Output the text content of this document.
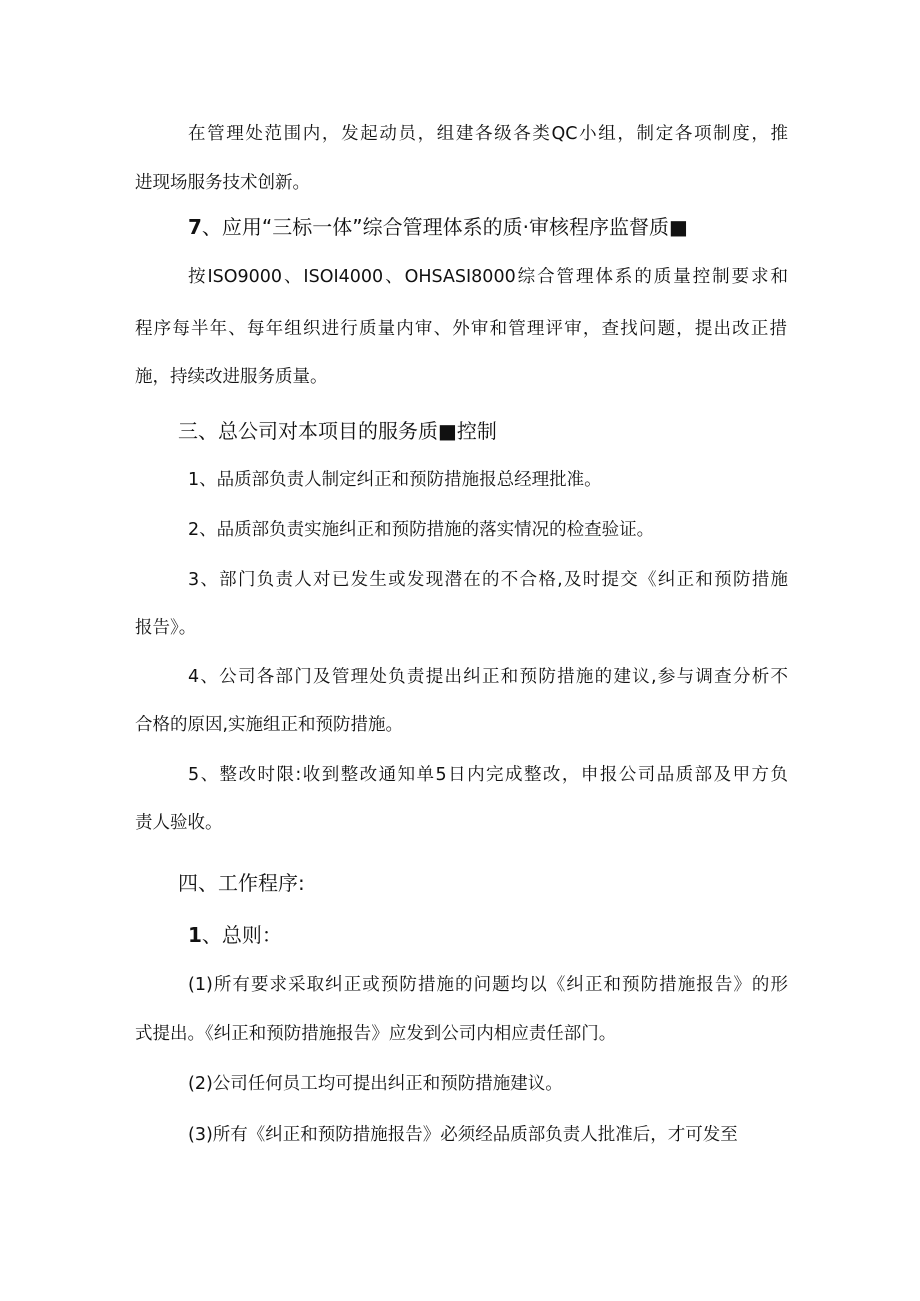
在管理处范围内，发起动员，组建各级各类QC小组，制定各项制度，推
进现场服务技术创新。
7、应用“三标一体”综合管理体系的质·审核程序监督质■
按ISO9000、ISOI4000、OHSASI8000综合管理体系的质量控制要求和
程序每半年、每年组织进行质量内审、外审和管理评审，查找问题，提出改正措
施，持续改进服务质量。
三、总公司对本项目的服务质■控制
1、品质部负责人制定纠正和预防措施报总经理批准。
2、品质部负责实施纠正和预防措施的落实情况的检查验证。
3、部门负责人对已发生或发现潜在的不合格,及时提交《纠正和预防措施
报告》。
4、公司各部门及管理处负责提出纠正和预防措施的建议,参与调查分析不
合格的原因,实施组正和预防措施。
5、整改时限:收到整改通知单5日内完成整改，申报公司品质部及甲方负
责人验收。
四、工作程序:
1、总则：
(1)所有要求采取纠正或预防措施的问题均以《纠正和预防措施报告》的形
式提出。《纠正和预防措施报告》应发到公司内相应责任部门。
(2)公司任何员工均可提出纠正和预防措施建议。
(3)所有《纠正和预防措施报告》必须经品质部负责人批准后，才可发至
